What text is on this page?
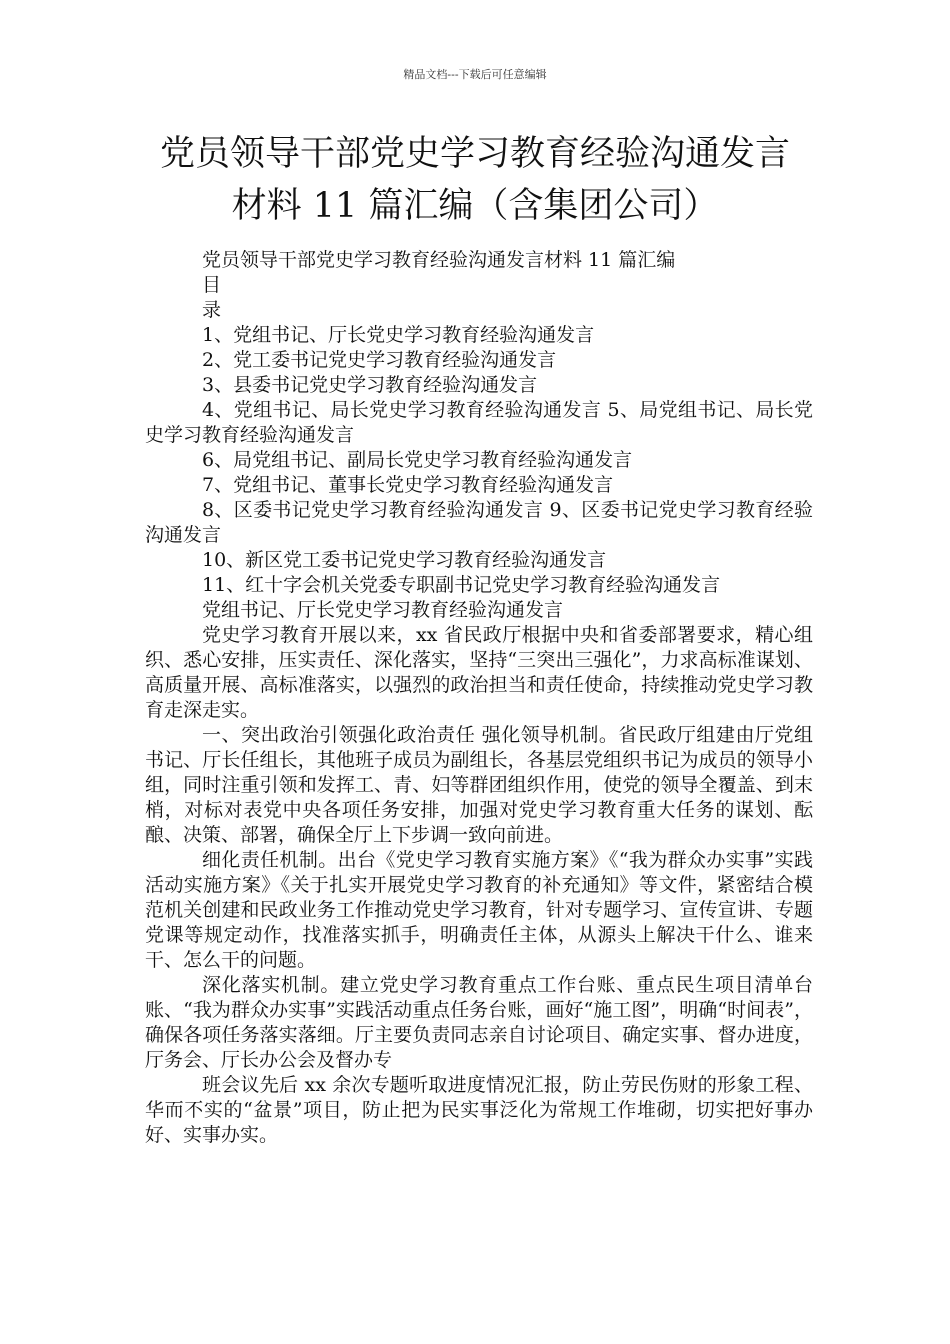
精品文档---下载后可任意编辑
党员领导干部党史学习教育经验沟通发言
材料 11 篇汇编（含集团公司）

党员领导干部党史学习教育经验沟通发言材料 11 篇汇编

目

录

1、党组书记、厅长党史学习教育经验沟通发言

2、党工委书记党史学习教育经验沟通发言

3、县委书记党史学习教育经验沟通发言

4、党组书记、局长党史学习教育经验沟通发言 5、局党组书记、局长党史学习教育经验沟通发言

6、局党组书记、副局长党史学习教育经验沟通发言

7、党组书记、董事长党史学习教育经验沟通发言

8、区委书记党史学习教育经验沟通发言 9、区委书记党史学习教育经验沟通发言

10、新区党工委书记党史学习教育经验沟通发言

11、红十字会机关党委专职副书记党史学习教育经验沟通发言

党组书记、厅长党史学习教育经验沟通发言

党史学习教育开展以来，xx 省民政厅根据中央和省委部署要求，精心组织、悉心安排，压实责任、深化落实，坚持“三突出三强化”，力求高标准谋划、高质量开展、高标准落实，以强烈的政治担当和责任使命，持续推动党史学习教育走深走实。

一、突出政治引领强化政治责任 强化领导机制。省民政厅组建由厅党组书记、厅长任组长，其他班子成员为副组长，各基层党组织书记为成员的领导小组，同时注重引领和发挥工、青、妇等群团组织作用，使党的领导全覆盖、到末梢，对标对表党中央各项任务安排，加强对党史学习教育重大任务的谋划、酝酿、决策、部署，确保全厅上下步调一致向前进。

细化责任机制。出台《党史学习教育实施方案》《“我为群众办实事”实践活动实施方案》《关于扎实开展党史学习教育的补充通知》等文件，紧密结合模范机关创建和民政业务工作推动党史学习教育，针对专题学习、宣传宣讲、专题党课等规定动作，找准落实抓手，明确责任主体，从源头上解决干什么、谁来干、怎么干的问题。

深化落实机制。建立党史学习教育重点工作台账、重点民生项目清单台账、“我为群众办实事”实践活动重点任务台账，画好“施工图”，明确“时间表”， 确保各项任务落实落细。厅主要负责同志亲自讨论项目、确定实事、督办进度， 厅务会、厅长办公会及督办专

班会议先后 xx 余次专题听取进度情况汇报，防止劳民伤财的形象工程、华而不实的“盆景”项目，防止把为民实事泛化为常规工作堆砌，切实把好事办好、实事办实。
